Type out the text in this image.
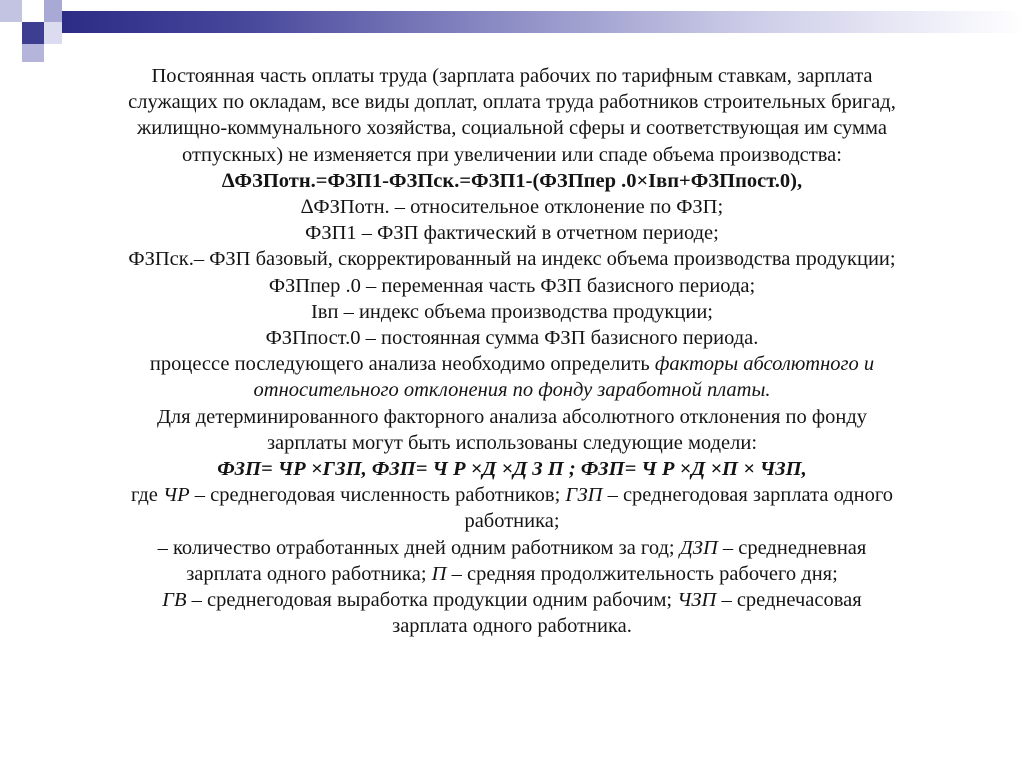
Постоянная часть оплаты труда (зарплата рабочих по тарифным ставкам, зарплата

служащих по окладам, все виды доплат, оплата труда работников строительных бригад,

жилищно-коммунального хозяйства, социальной сферы и соответствующая им сумма

отпускных) не изменяется при увеличении или спаде объема производства:

∆ФЗПотн.=ФЗП1-ФЗПск.=ФЗП1-(ФЗПпер .0×Iвп+ФЗПпост.0),

∆ФЗПотн. – относительное отклонение по ФЗП;

ФЗП1 – ФЗП фактический в отчетном периоде;

ФЗПск.– ФЗП базовый, скорректированный на индекс объема производства продукции;

ФЗПпер .0 – переменная часть ФЗП базисного периода;

Iвп – индекс объема производства продукции;

ФЗПпост.0 – постоянная сумма ФЗП базисного периода.

процессе последующего анализа необходимо определить факторы абсолютного и

относительного отклонения по фонду заработной платы.

Для детерминированного факторного анализа абсолютного отклонения по фонду

зарплаты могут быть использованы следующие модели:

ФЗП= ЧР ×ГЗП, ФЗП= Ч Р ×Д ×Д З П ; ФЗП= Ч Р ×Д ×П × ЧЗП,

где ЧР – среднегодовая численность работников; ГЗП – среднегодовая зарплата одного

работника;

– количество отработанных дней одним работником за год; ДЗП – среднедневная

зарплата одного работника; П – средняя продолжительность рабочего дня;

ГВ – среднегодовая выработка продукции одним рабочим; ЧЗП – среднечасовая

зарплата одного работника.
